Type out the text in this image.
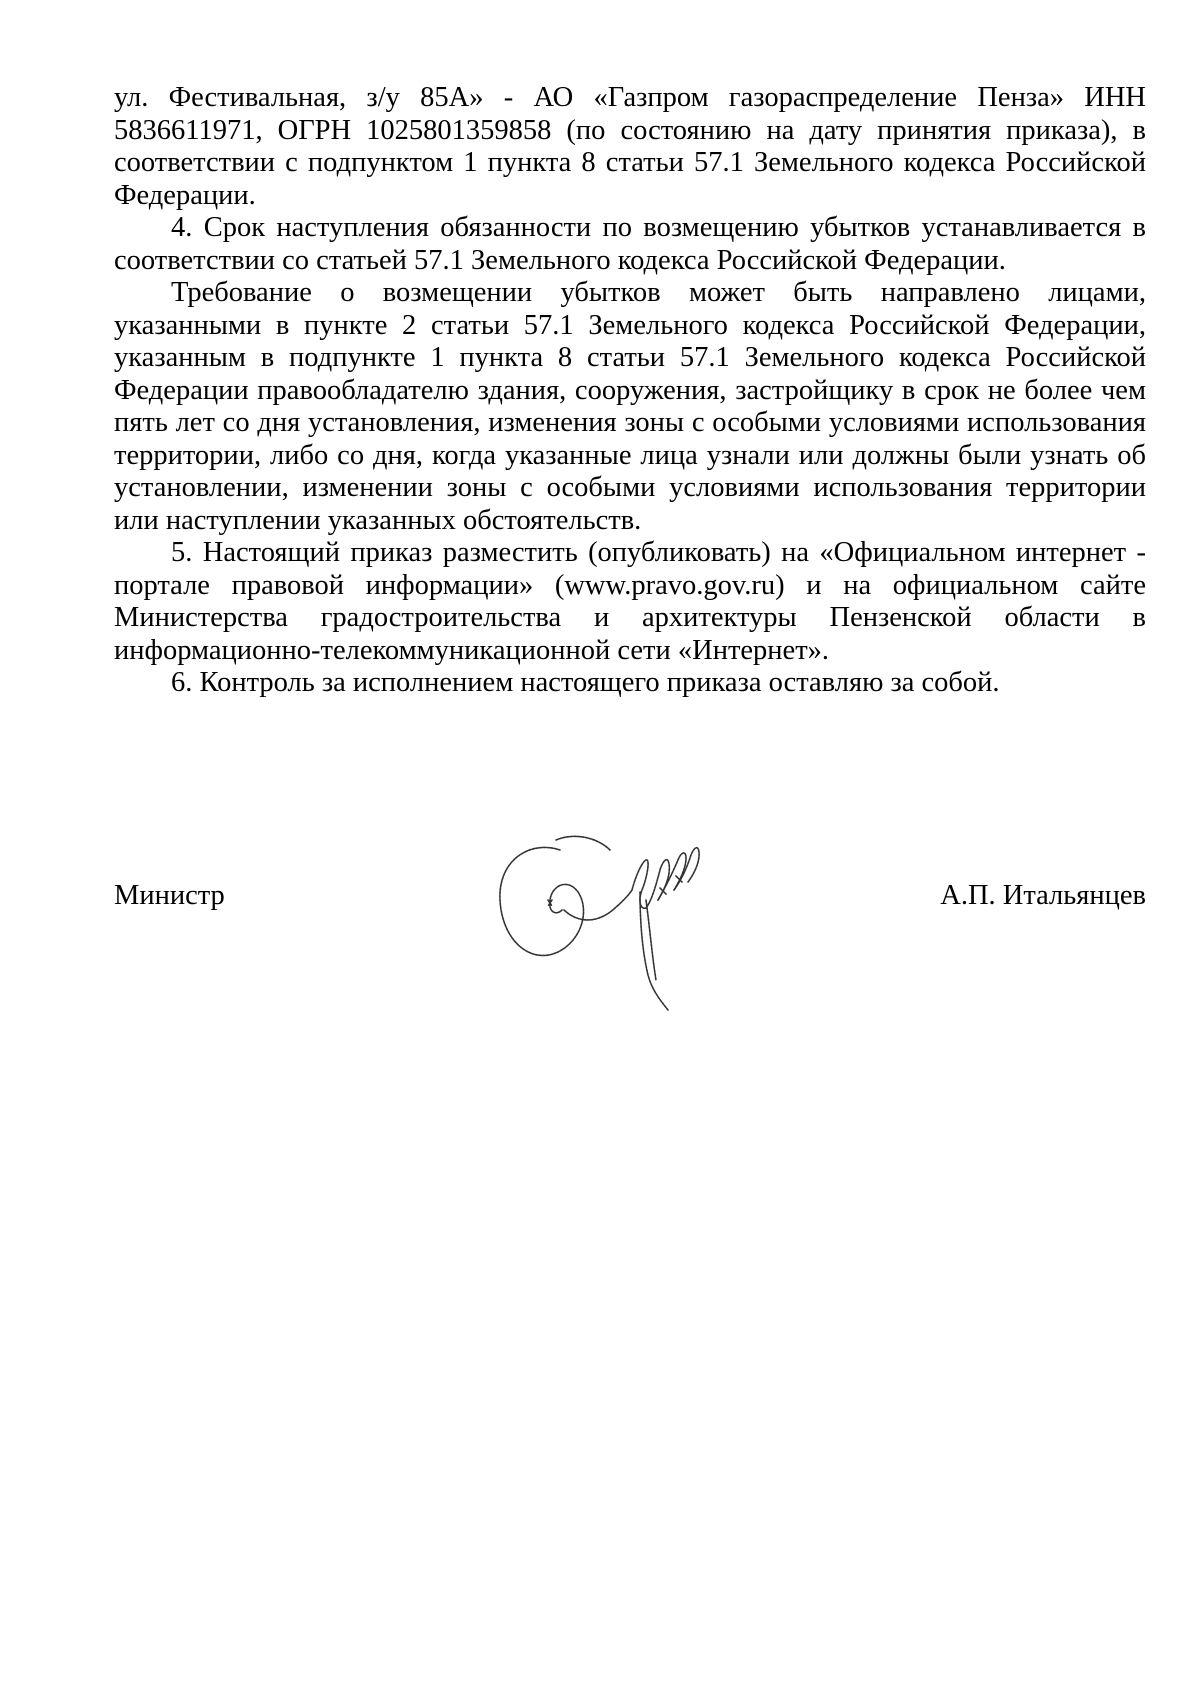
ул. Фестивальная, з/у 85А» - АО «Газпром газораспределение Пенза» ИНН 5836611971, ОГРН 1025801359858 (по состоянию на дату принятия приказа), в соответствии с подпунктом 1 пункта 8 статьи 57.1 Земельного кодекса Российской Федерации.

4. Срок наступления обязанности по возмещению убытков устанавливается в соответствии со статьей 57.1 Земельного кодекса Российской Федерации.

Требование о возмещении убытков может быть направлено лицами, указанными в пункте 2 статьи 57.1 Земельного кодекса Российской Федерации, указанным в подпункте 1 пункта 8 статьи 57.1 Земельного кодекса Российской Федерации правообладателю здания, сооружения, застройщику в срок не более чем пять лет со дня установления, изменения зоны с особыми условиями использования территории, либо со дня, когда указанные лица узнали или должны были узнать об установлении, изменении зоны с особыми условиями использования территории или наступлении указанных обстоятельств.

5. Настоящий приказ разместить (опубликовать) на «Официальном интернет - портале правовой информации» (www.pravo.gov.ru) и на официальном сайте Министерства градостроительства и архитектуры Пензенской области в информационно-телекоммуникационной сети «Интернет».

6. Контроль за исполнением настоящего приказа оставляю за собой.

Министр	А.П. Итальянцев
